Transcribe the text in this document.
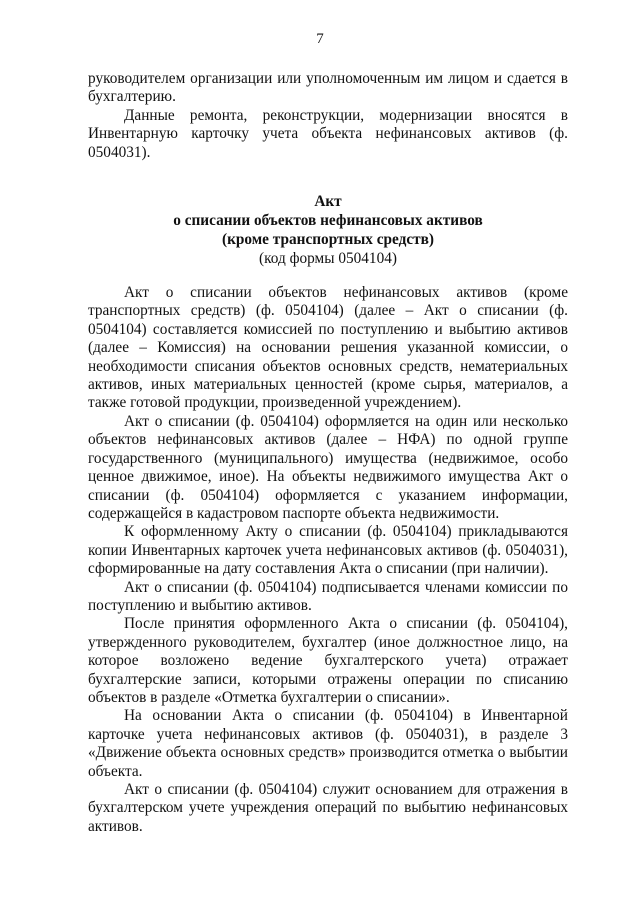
7

руководителем организации или уполномоченным им лицом и сдается в бухгалтерию.

Данные ремонта, реконструкции, модернизации вносятся в Инвентарную карточку учета объекта нефинансовых активов (ф. 0504031).

Акт
о списании объектов нефинансовых активов
(кроме транспортных средств)
(код формы 0504104)

Акт о списании объектов нефинансовых активов (кроме транспортных средств) (ф. 0504104) (далее – Акт о списании (ф. 0504104) составляется комиссией по поступлению и выбытию активов (далее – Комиссия) на основании решения указанной комиссии, о необходимости списания объектов основных средств, нематериальных активов, иных материальных ценностей (кроме сырья, материалов, а также готовой продукции, произведенной учреждением).

Акт о списании (ф. 0504104) оформляется на один или несколько объектов нефинансовых активов (далее – НФА) по одной группе государственного (муниципального) имущества (недвижимое, особо ценное движимое, иное). На объекты недвижимого имущества Акт о списании (ф. 0504104) оформляется с указанием информации, содержащейся в кадастровом паспорте объекта недвижимости.

К оформленному Акту о списании (ф. 0504104) прикладываются копии Инвентарных карточек учета нефинансовых активов (ф. 0504031), сформированные на дату составления Акта о списании (при наличии).

Акт о списании (ф. 0504104) подписывается членами комиссии по поступлению и выбытию активов.

После принятия оформленного Акта о списании (ф. 0504104), утвержденного руководителем, бухгалтер (иное должностное лицо, на которое возложено ведение бухгалтерского учета) отражает бухгалтерские записи, которыми отражены операции по списанию объектов в разделе «Отметка бухгалтерии о списании».

На основании Акта о списании (ф. 0504104) в Инвентарной карточке учета нефинансовых активов (ф. 0504031), в разделе 3 «Движение объекта основных средств» производится отметка о выбытии объекта.

Акт о списании (ф. 0504104) служит основанием для отражения в бухгалтерском учете учреждения операций по выбытию нефинансовых активов.
